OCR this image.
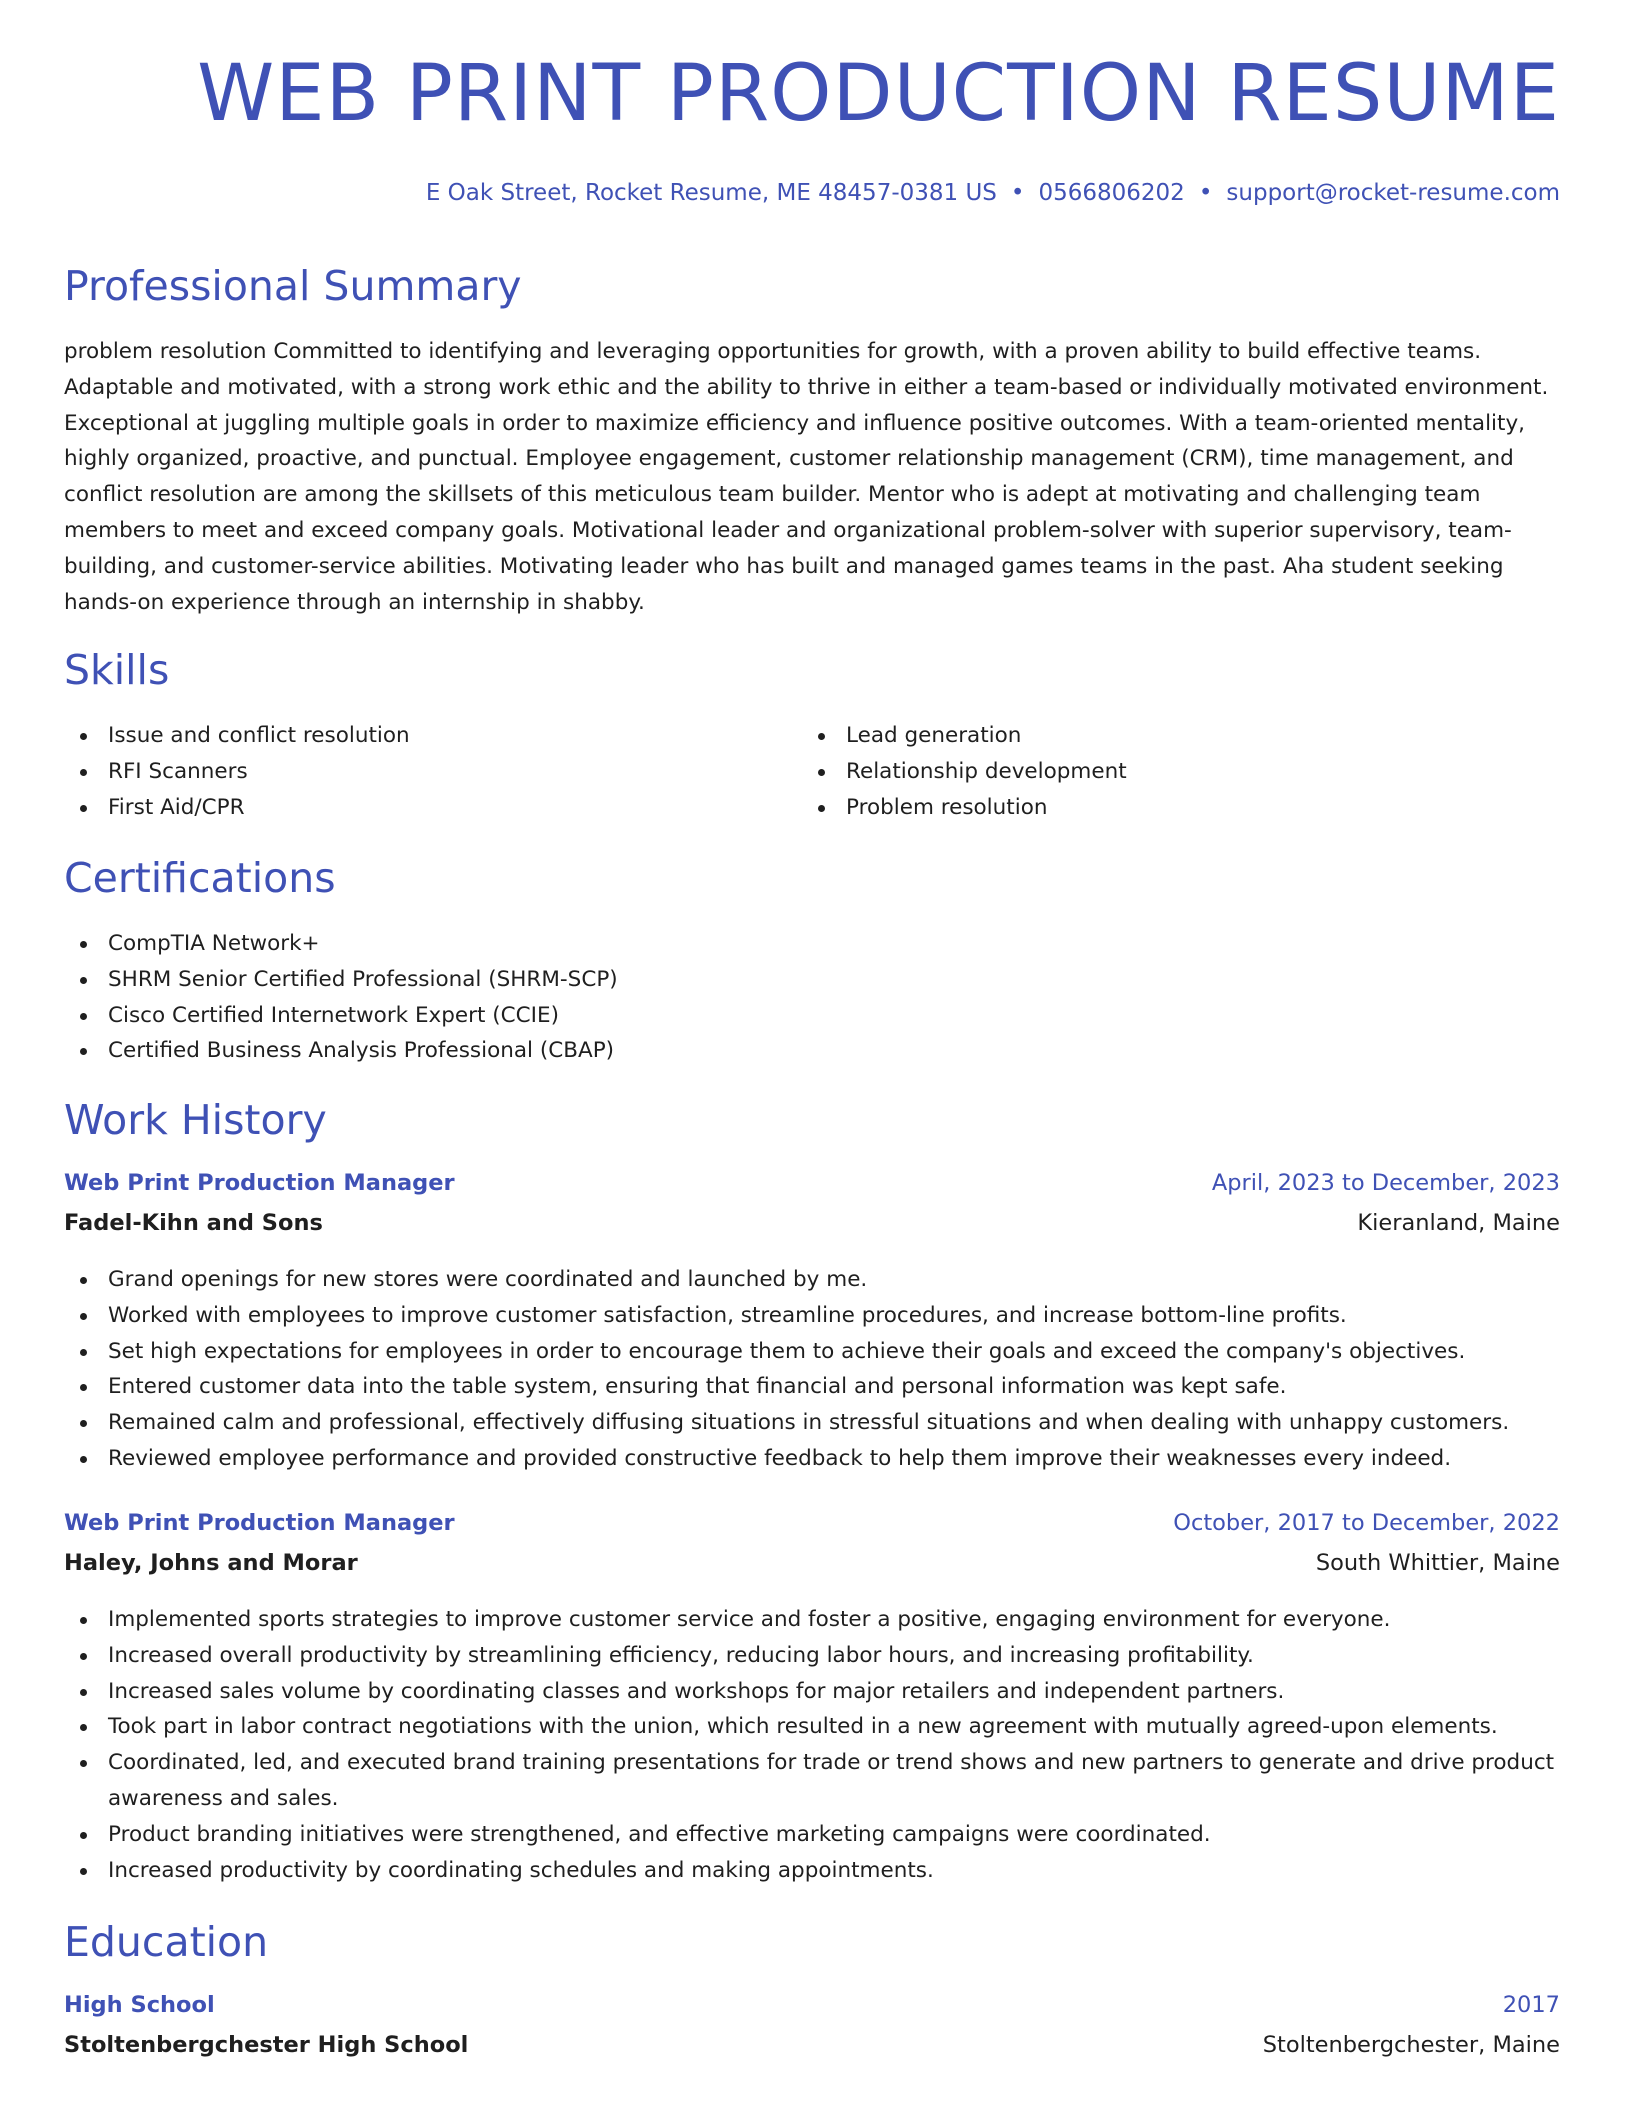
WEB PRINT PRODUCTION RESUME
E Oak Street, Rocket Resume, ME 48457-0381 US • 0566806202 • support@rocket-resume.com
Professional Summary

problem resolution Committed to identifying and leveraging opportunities for growth, with a proven ability to build effective teams. Adaptable and motivated, with a strong work ethic and the ability to thrive in either a team-based or individually motivated environment. Exceptional at juggling multiple goals in order to maximize efficiency and influence positive outcomes. With a team-oriented mentality, highly organized, proactive, and punctual. Employee engagement, customer relationship management (CRM), time management, and conflict resolution are among the skillsets of this meticulous team builder. Mentor who is adept at motivating and challenging team members to meet and exceed company goals. Motivational leader and organizational problem-solver with superior supervisory, team-building, and customer-service abilities. Motivating leader who has built and managed games teams in the past. Aha student seeking hands-on experience through an internship in shabby.

Skills
Issue and conflict resolution
RFI Scanners
First Aid/CPR
Lead generation
Relationship development
Problem resolution
Certifications
CompTIA Network+
SHRM Senior Certified Professional (SHRM-SCP)
Cisco Certified Internetwork Expert (CCIE)
Certified Business Analysis Professional (CBAP)
Work History
Web Print Production Manager	April, 2023 to December, 2023
Fadel-Kihn and Sons	Kieranland, Maine
Grand openings for new stores were coordinated and launched by me.
Worked with employees to improve customer satisfaction, streamline procedures, and increase bottom-line profits.
Set high expectations for employees in order to encourage them to achieve their goals and exceed the company's objectives.
Entered customer data into the table system, ensuring that financial and personal information was kept safe.
Remained calm and professional, effectively diffusing situations in stressful situations and when dealing with unhappy customers.
Reviewed employee performance and provided constructive feedback to help them improve their weaknesses every indeed.
Web Print Production Manager	October, 2017 to December, 2022
Haley, Johns and Morar	South Whittier, Maine
Implemented sports strategies to improve customer service and foster a positive, engaging environment for everyone.
Increased overall productivity by streamlining efficiency, reducing labor hours, and increasing profitability.
Increased sales volume by coordinating classes and workshops for major retailers and independent partners.
Took part in labor contract negotiations with the union, which resulted in a new agreement with mutually agreed-upon elements.
Coordinated, led, and executed brand training presentations for trade or trend shows and new partners to generate and drive product awareness and sales.
Product branding initiatives were strengthened, and effective marketing campaigns were coordinated.
Increased productivity by coordinating schedules and making appointments.
Education
High School	2017
Stoltenbergchester High School	Stoltenbergchester, Maine
